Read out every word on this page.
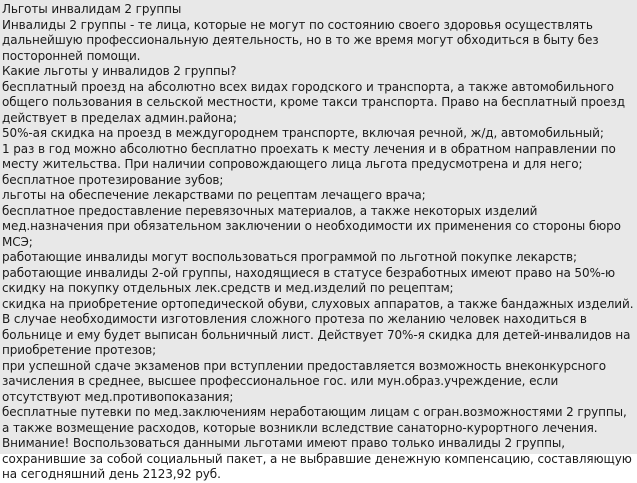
Льготы инвалидам 2 группы

Инвалиды 2 группы - те лица, которые не могут по состоянию своего здоровья осуществлять дальнейшую профессиональную деятельность, но в то же время могут обходиться в быту без посторонней помощи.

Какие льготы у инвалидов 2 группы?

бесплатный проезд на абсолютно всех видах городского и транспорта, а также автомобильного общего пользования в сельской местности, кроме такси транспорта. Право на бесплатный проезд действует в пределах админ.района;

50%-ая скидка на проезд в междугороднем транспорте, включая речной, ж/д, автомобильный;

1 раз в год можно абсолютно бесплатно проехать к месту лечения и в обратном направлении по месту жительства. При наличии сопровождающего лица льгота предусмотрена и для него;

бесплатное протезирование зубов;

льготы на обеспечение лекарствами по рецептам лечащего врача;

бесплатное предоставление перевязочных материалов, а также некоторых изделий мед.назначения при обязательном заключении о необходимости их применения со стороны бюро МСЭ;

работающие инвалиды могут воспользоваться программой по льготной покупке лекарств;

работающие инвалиды 2-ой группы, находящиеся в статусе безработных имеют право на 50%-ю скидку на покупку отдельных лек.средств и мед.изделий по рецептам;

скидка на приобретение ортопедической обуви, слуховых аппаратов, а также бандажных изделий. В случае необходимости изготовления сложного протеза по желанию человек находиться в больнице и ему будет выписан больничный лист. Действует 70%-я скидка для детей-инвалидов на приобретение протезов;

при успешной сдаче экзаменов при вступлении предоставляется возможность внеконкурсного зачисления в среднее, высшее профессиональное гос. или мун.образ.учреждение, если отсутствуют мед.противопоказания;

бесплатные путевки по мед.заключениям неработающим лицам с огран.возможностями 2 группы, а также возмещение расходов, которые возникли вследствие санаторно-курортного лечения.

Внимание! Воспользоваться данными льготами имеют право только инвалиды 2 группы, сохранившие за собой социальный пакет, а не выбравшие денежную компенсацию, составляющую на сегодняшний день 2123,92 руб.
